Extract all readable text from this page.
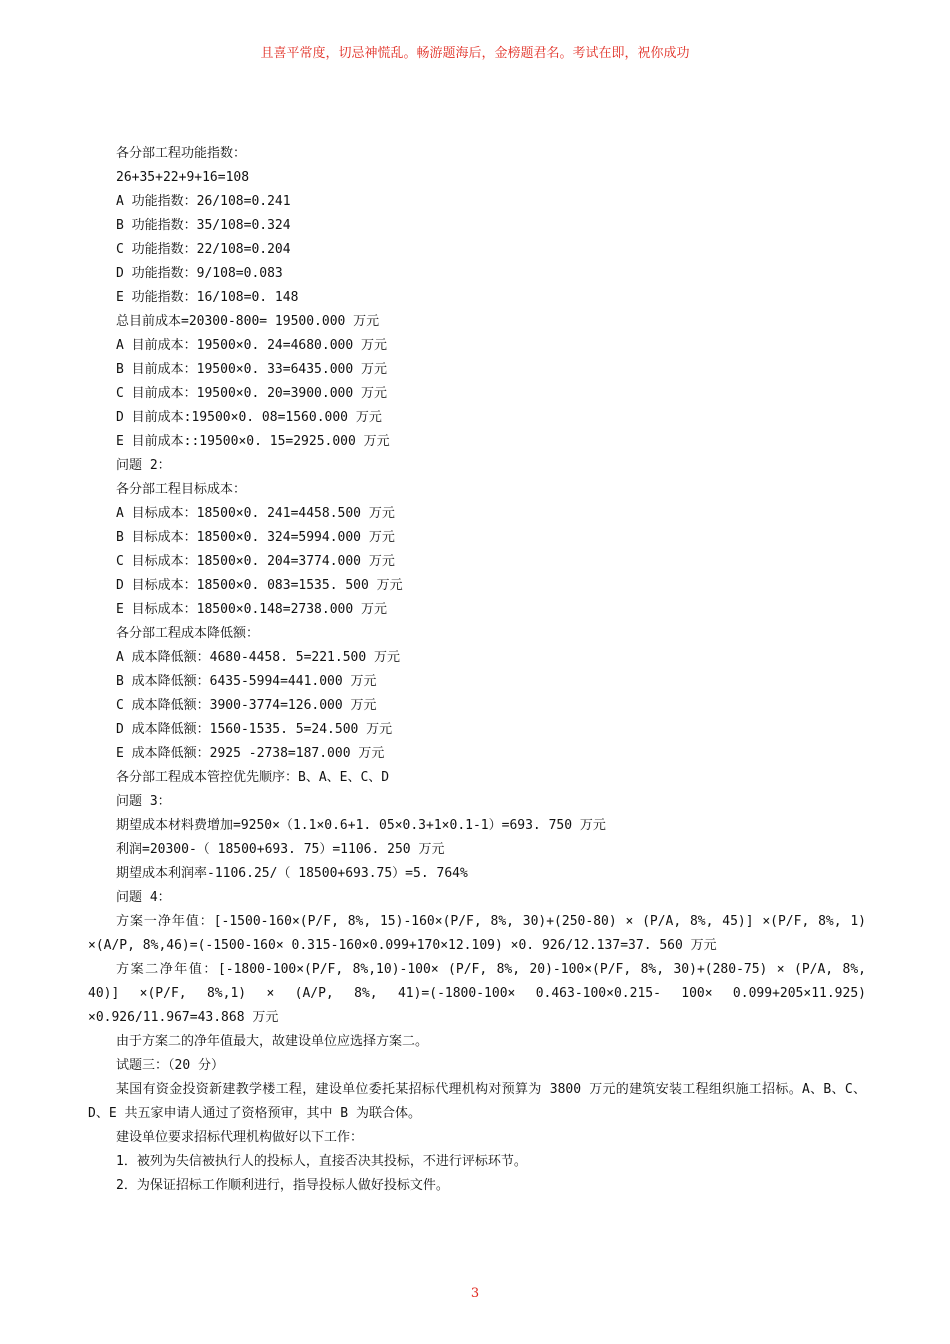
且喜平常度，切忌神慌乱。畅游题海后，金榜题君名。考试在即，祝你成功
各分部工程功能指数：
26+35+22+9+16=108
A 功能指数：26/108=0.241
B 功能指数：35/108=0.324
C 功能指数：22/108=0.204
D 功能指数：9/108=0.083
E 功能指数：16/108=0. 148
总目前成本=20300-800= 19500.000 万元
A 目前成本：19500×0. 24=4680.000 万元
B 目前成本：19500×0. 33=6435.000 万元
C 目前成本：19500×0. 20=3900.000 万元
D 目前成本:19500×0. 08=1560.000 万元
E 目前成本::19500×0. 15=2925.000 万元
问题 2：
各分部工程目标成本：
A 目标成本：18500×0. 241=4458.500 万元
B 目标成本：18500×0. 324=5994.000 万元
C 目标成本：18500×0. 204=3774.000 万元
D 目标成本：18500×0. 083=1535. 500 万元
E 目标成本：18500×0.148=2738.000 万元
各分部工程成本降低额：
A 成本降低额：4680-4458. 5=221.500 万元
B 成本降低额：6435-5994=441.000 万元
C 成本降低额：3900-3774=126.000 万元
D 成本降低额：1560-1535. 5=24.500 万元
E 成本降低额：2925 -2738=187.000 万元
各分部工程成本管控优先顺序：B、A、E、C、D
问题 3：
期望成本材料费增加=9250×（1.1×0.6+1. 05×0.3+1×0.1-1）=693. 750 万元
利润=20300-（ 18500+693. 75）=1106. 250 万元
期望成本利润率-1106.25/（ 18500+693.75）=5. 764%
问题 4：
方案一净年值：[-1500-160×(P/F, 8%, 15)-160×(P/F, 8%, 30)+(250-80) × (P/A, 8%, 45)] ×(P/F, 8%, 1) ×(A/P, 8%,46)=(-1500-160× 0.315-160×0.099+170×12.109) ×0. 926/12.137=37. 560 万元
方案二净年值：[-1800-100×(P/F, 8%,10)-100× (P/F, 8%, 20)-100×(P/F, 8%, 30)+(280-75) × (P/A, 8%, 40)] ×(P/F, 8%,1) × (A/P, 8%, 41)=(-1800-100× 0.463-100×0.215- 100× 0.099+205×11.925) ×0.926/11.967=43.868 万元
由于方案二的净年值最大，故建设单位应选择方案二。
试题三：（20 分）
某国有资金投资新建教学楼工程，建设单位委托某招标代理机构对预算为 3800 万元的建筑安装工程组织施工招标。A、B、C、D、E 共五家申请人通过了资格预审，其中 B 为联合体。
建设单位要求招标代理机构做好以下工作：
1．被列为失信被执行人的投标人，直接否决其投标，不进行评标环节。
2．为保证招标工作顺利进行，指导投标人做好投标文件。
3
